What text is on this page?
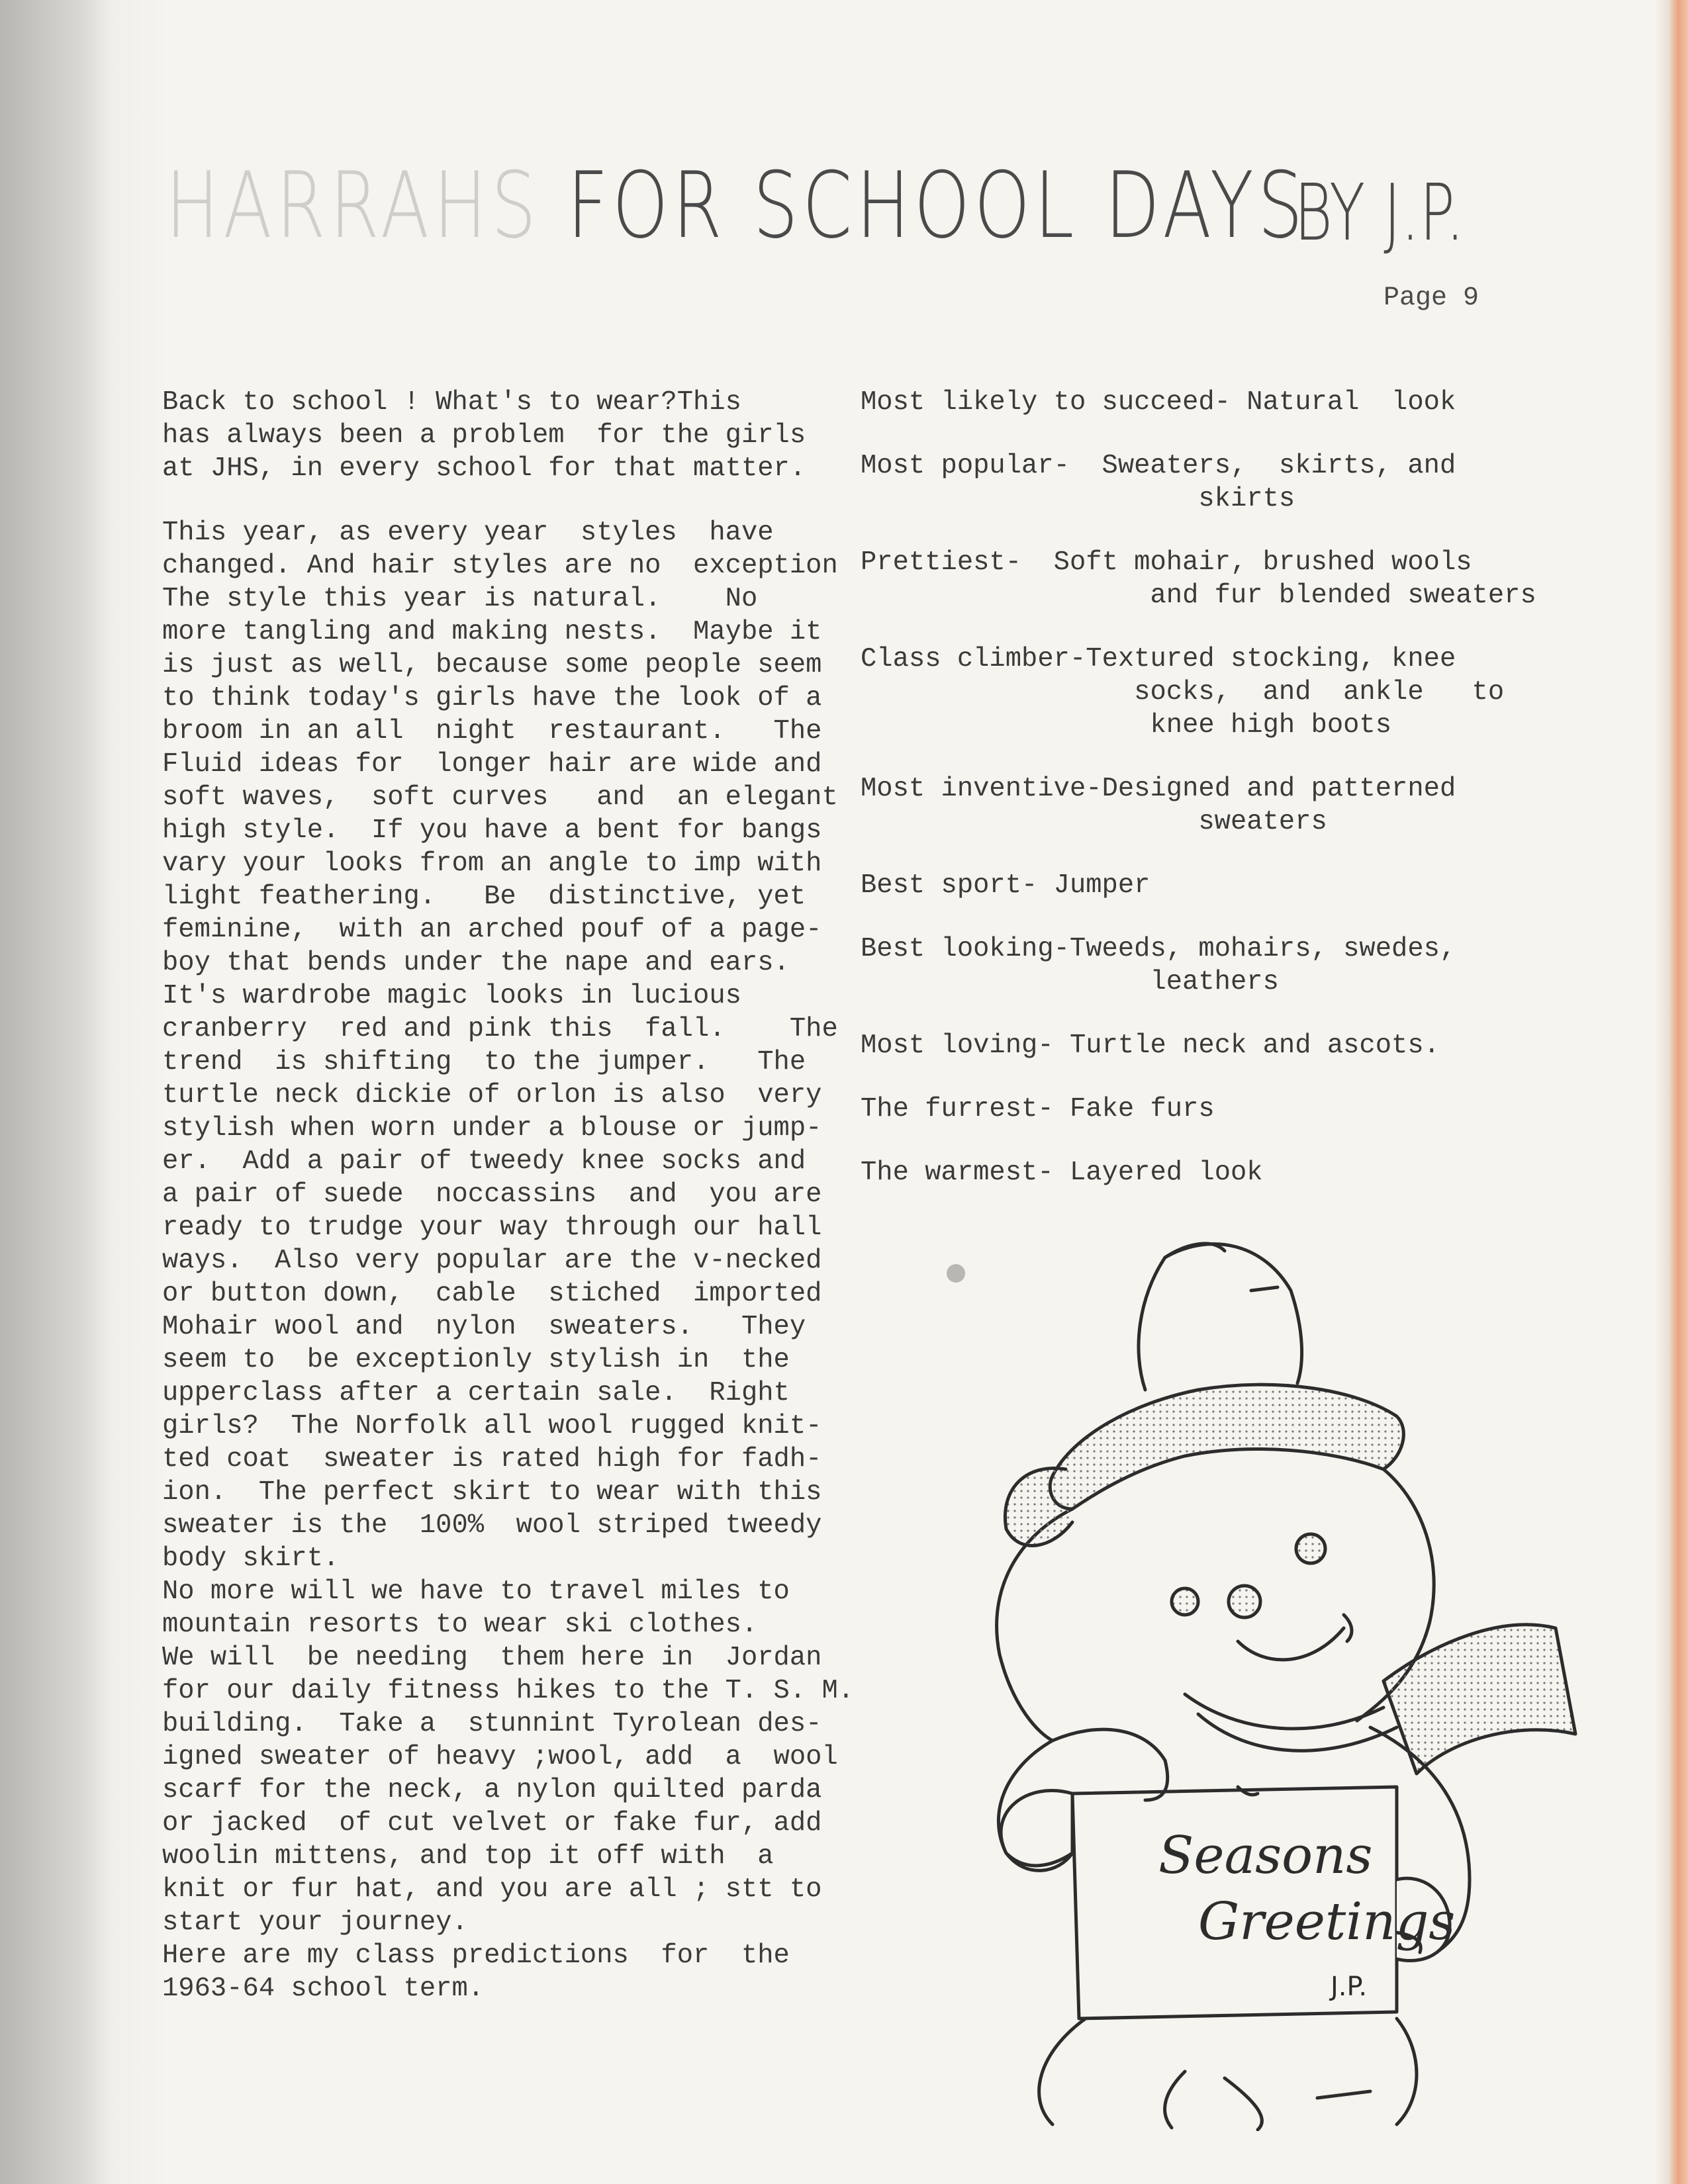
HARRAHS FOR SCHOOL DAYS
BY J.P.
Page 9

Back to school ! What's to wear?This
has always been a problem  for the girls
at JHS, in every school for that matter.

This year, as every year  styles  have
changed. And hair styles are no  exception
The style this year is natural.    No
more tangling and making nests.  Maybe it
is just as well, because some people seem
to think today's girls have the look of a
broom in an all  night  restaurant.   The
Fluid ideas for  longer hair are wide and
soft waves,  soft curves   and  an elegant
high style.  If you have a bent for bangs
vary your looks from an angle to imp with
light feathering.   Be  distinctive, yet
feminine,  with an arched pouf of a page-
boy that bends under the nape and ears.
It's wardrobe magic looks in lucious
cranberry  red and pink this  fall.    The
trend  is shifting  to the jumper.   The
turtle neck dickie of orlon is also  very
stylish when worn under a blouse or jump-
er.  Add a pair of tweedy knee socks and
a pair of suede  noccassins  and  you are
ready to trudge your way through our hall
ways.  Also very popular are the v-necked
or button down,  cable  stiched  imported
Mohair wool and  nylon  sweaters.   They
seem to  be exceptionly stylish in  the
upperclass after a certain sale.  Right
girls?  The Norfolk all wool rugged knit-
ted coat  sweater is rated high for fadh-
ion.  The perfect skirt to wear with this
sweater is the  100%  wool striped tweedy
body skirt.
No more will we have to travel miles to
mountain resorts to wear ski clothes.
We will  be needing  them here in  Jordan
for our daily fitness hikes to the T. S. M.
building.  Take a  stunnint Tyrolean des-
igned sweater of heavy ;wool, add  a  wool
scarf for the neck, a nylon quilted parda
or jacked  of cut velvet or fake fur, add
woolin mittens, and top it off with  a
knit or fur hat, and you are all ; stt to
start your journey.
Here are my class predictions  for  the
1963-64 school term.

Most likely to succeed- Natural  look
Most popular-  Sweaters,  skirts, and
skirts
Prettiest-  Soft mohair, brushed wools
and fur blended sweaters
Class climber-Textured stocking, knee
socks,  and  ankle   to
knee high boots
Most inventive-Designed and patterned
sweaters
Best sport- Jumper
Best looking-Tweeds, mohairs, swedes,
leathers
Most loving- Turtle neck and ascots.
The furrest- Fake furs
The warmest- Layered look
Seasons
Greetings
J.P.
